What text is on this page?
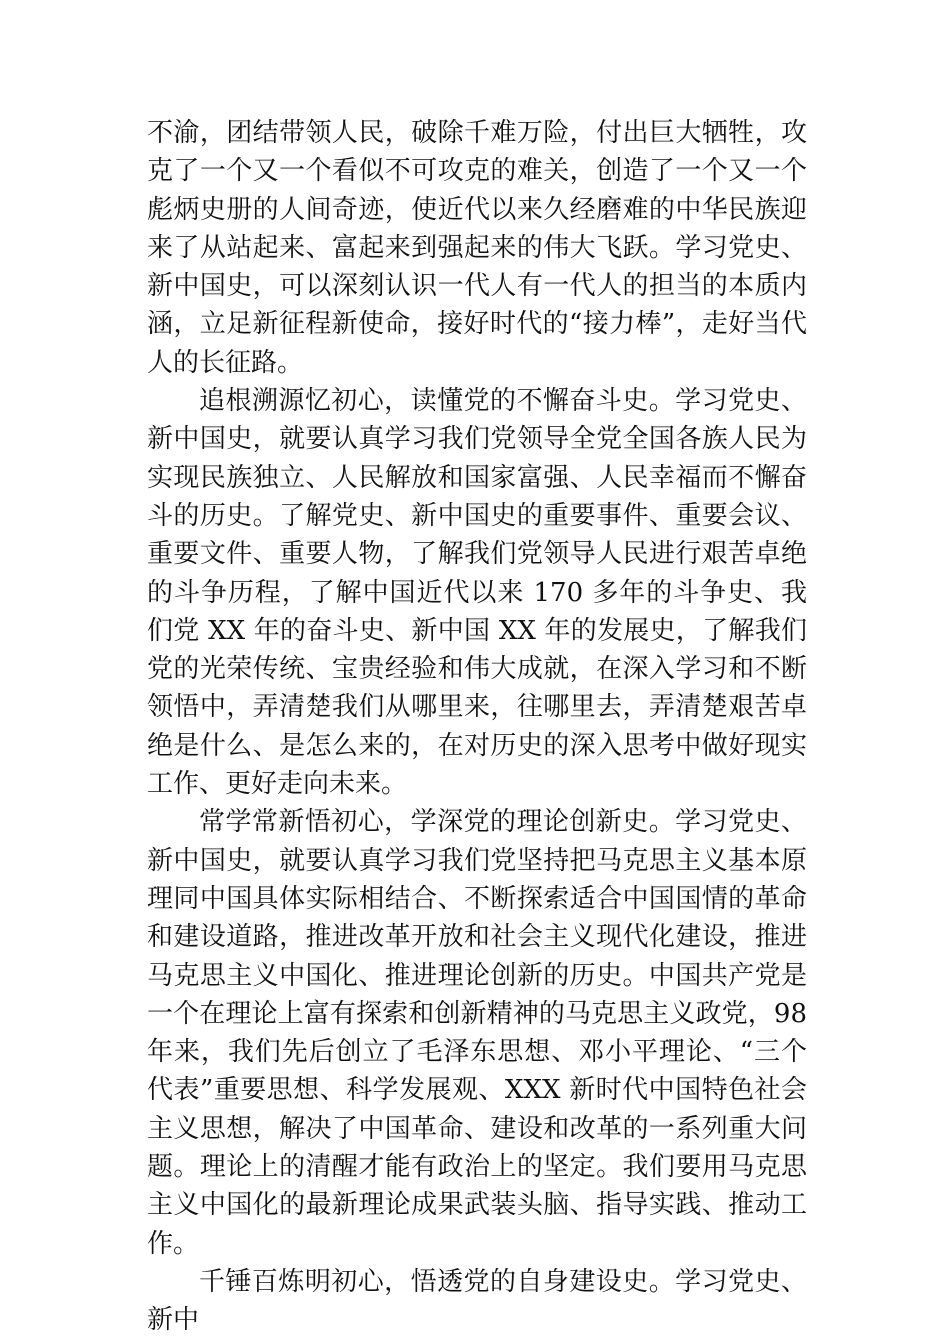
不渝，团结带领人民，破除千难万险，付出巨大牺牲，攻克了一个又一个看似不可攻克的难关，创造了一个又一个彪炳史册的人间奇迹，使近代以来久经磨难的中华民族迎来了从站起来、富起来到强起来的伟大飞跃。学习党史、新中国史，可以深刻认识一代人有一代人的担当的本质内涵，立足新征程新使命，接好时代的“接力棒”，走好当代人的长征路。

追根溯源忆初心，读懂党的不懈奋斗史。学习党史、新中国史，就要认真学习我们党领导全党全国各族人民为实现民族独立、人民解放和国家富强、人民幸福而不懈奋斗的历史。了解党史、新中国史的重要事件、重要会议、重要文件、重要人物，了解我们党领导人民进行艰苦卓绝的斗争历程，了解中国近代以来 170 多年的斗争史、我们党 XX 年的奋斗史、新中国 XX 年的发展史，了解我们党的光荣传统、宝贵经验和伟大成就，在深入学习和不断领悟中，弄清楚我们从哪里来，往哪里去，弄清楚艰苦卓绝是什么、是怎么来的，在对历史的深入思考中做好现实工作、更好走向未来。

常学常新悟初心，学深党的理论创新史。学习党史、新中国史，就要认真学习我们党坚持把马克思主义基本原理同中国具体实际相结合、不断探索适合中国国情的革命和建设道路，推进改革开放和社会主义现代化建设，推进马克思主义中国化、推进理论创新的历史。中国共产党是一个在理论上富有探索和创新精神的马克思主义政党，98 年来，我们先后创立了毛泽东思想、邓小平理论、“三个代表”重要思想、科学发展观、XXX 新时代中国特色社会主义思想，解决了中国革命、建设和改革的一系列重大问题。理论上的清醒才能有政治上的坚定。我们要用马克思主义中国化的最新理论成果武装头脑、指导实践、推动工作。

千锤百炼明初心，悟透党的自身建设史。学习党史、新中
